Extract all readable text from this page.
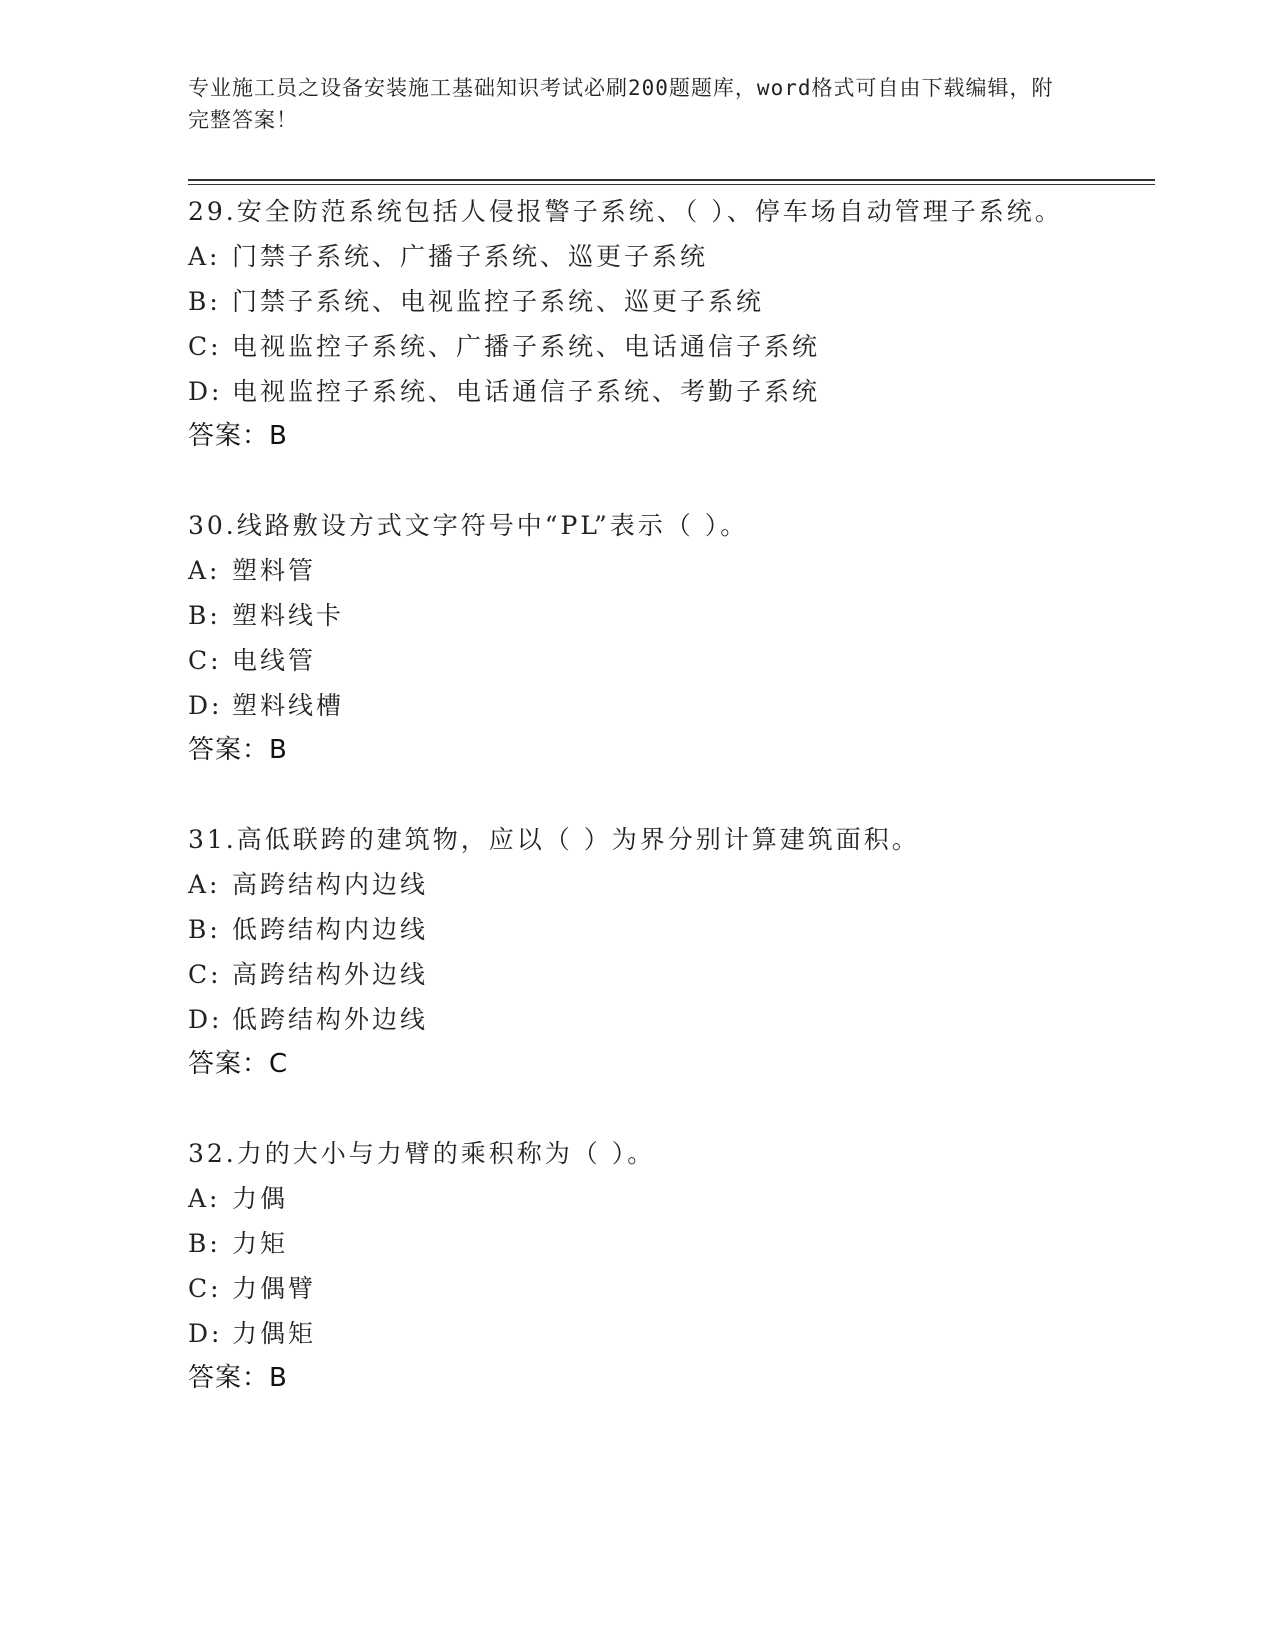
专业施工员之设备安装施工基础知识考试必刷200题题库，word格式可自由下载编辑，附完整答案！

29.安全防范系统包括人侵报警子系统、（ ）、停车场自动管理子系统。

A: 门禁子系统、广播子系统、巡更子系统
B: 门禁子系统、电视监控子系统、巡更子系统
C: 电视监控子系统、广播子系统、电话通信子系统
D: 电视监控子系统、电话通信子系统、考勤子系统
答案：B

30.线路敷设方式文字符号中“PL”表示（ ）。

A: 塑料管
B: 塑料线卡
C: 电线管
D: 塑料线槽
答案：B

31.高低联跨的建筑物，应以（ ）为界分别计算建筑面积。

A: 高跨结构内边线
B: 低跨结构内边线
C: 高跨结构外边线
D: 低跨结构外边线
答案：C

32.力的大小与力臂的乘积称为（ ）。

A: 力偶
B: 力矩
C: 力偶臂
D: 力偶矩
答案：B
